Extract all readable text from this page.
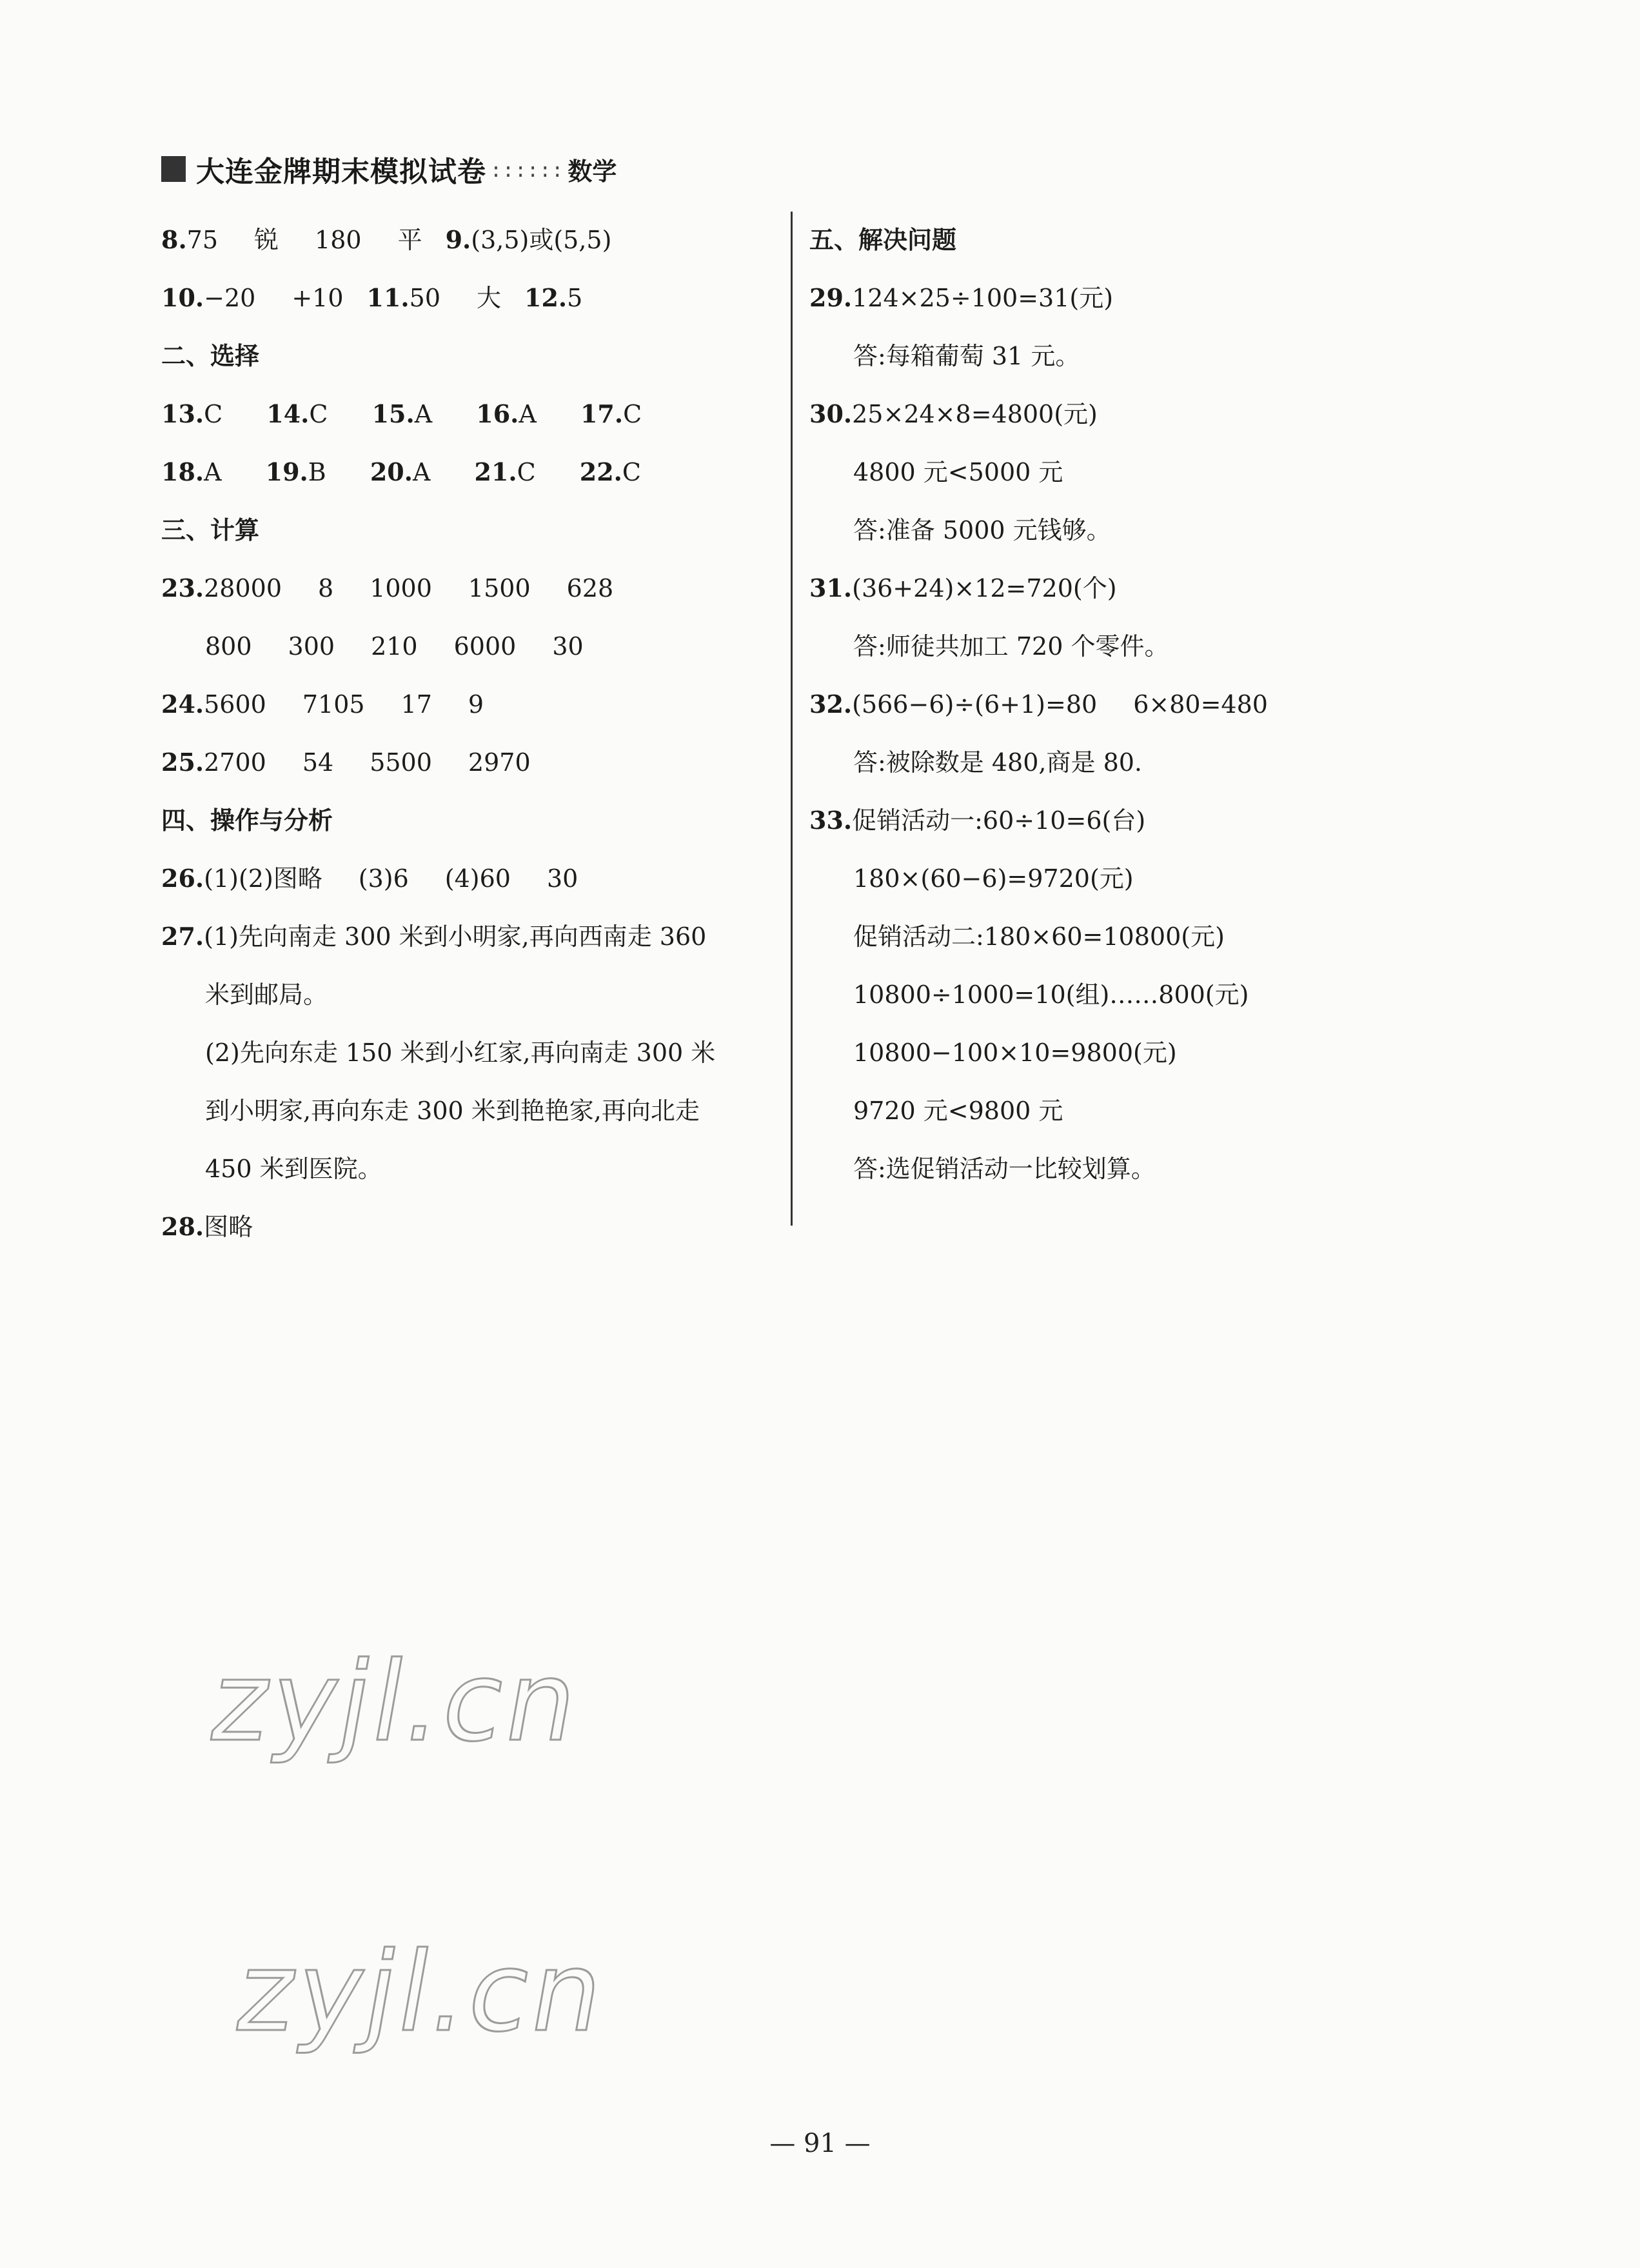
大连金牌期末模拟试卷 :::::: 数学
8.75 锐 180 平 9.(3,5)或(5,5)
10.−20 +10 11.50 大 12.5
二、选择
13.C 14.C 15.A 16.A 17.C
18.A 19.B 20.A 21.C 22.C
三、计算
23.28000 8 1000 1500 628
800 300 210 6000 30
24.5600 7105 17 9
25.2700 54 5500 2970
四、操作与分析
26.(1)(2)图略 (3)6 (4)60 30
27.(1)先向南走 300 米到小明家,再向西南走 360
米到邮局。
(2)先向东走 150 米到小红家,再向南走 300 米
到小明家,再向东走 300 米到艳艳家,再向北走
450 米到医院。
28.图略
五、解决问题
29.124×25÷100=31(元)
答:每箱葡萄 31 元。
30.25×24×8=4800(元)
4800 元<5000 元
答:准备 5000 元钱够。
31.(36+24)×12=720(个)
答:师徒共加工 720 个零件。
32.(566−6)÷(6+1)=80 6×80=480
答:被除数是 480,商是 80.
33.促销活动一:60÷10=6(台)
180×(60−6)=9720(元)
促销活动二:180×60=10800(元)
10800÷1000=10(组)……800(元)
10800−100×10=9800(元)
9720 元<9800 元
答:选促销活动一比较划算。
zyjl.cn
zyjl.cn
— 91 —
